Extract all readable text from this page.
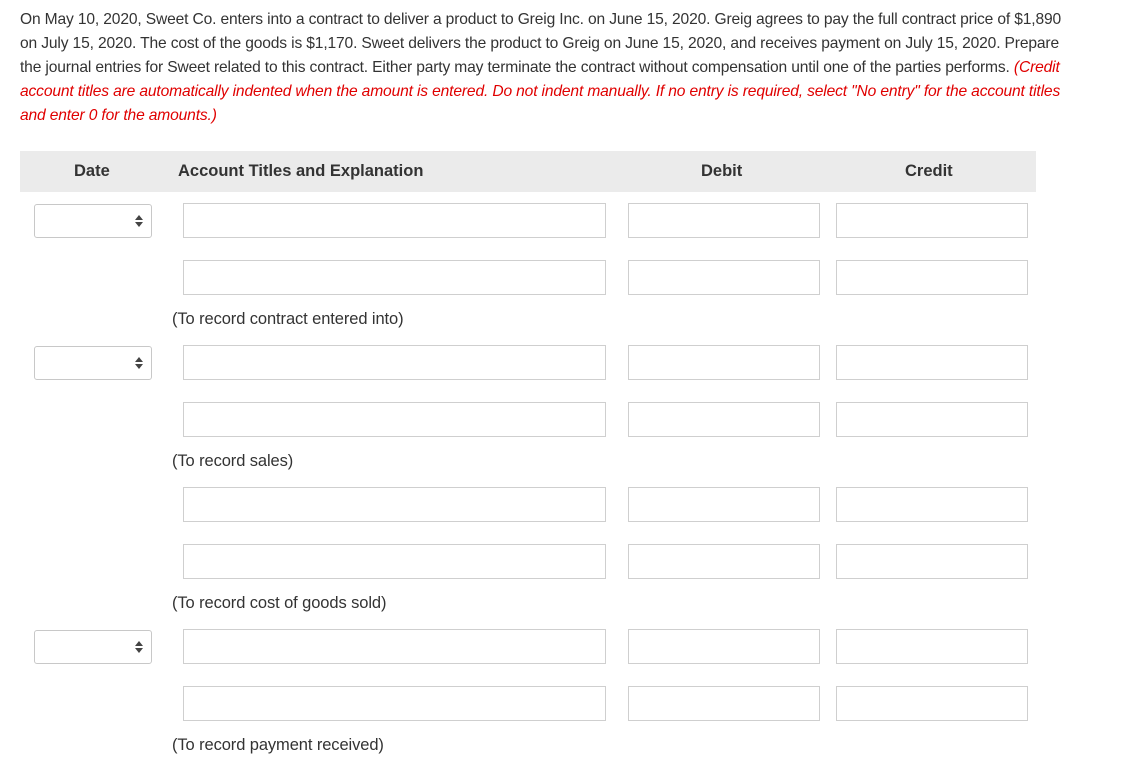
On May 10, 2020, Sweet Co. enters into a contract to deliver a product to Greig Inc. on June 15, 2020. Greig agrees to pay the full contract price of $1,890 on July 15, 2020. The cost of the goods is $1,170. Sweet delivers the product to Greig on June 15, 2020, and receives payment on July 15, 2020. Prepare the journal entries for Sweet related to this contract. Either party may terminate the contract without compensation until one of the parties performs. (Credit account titles are automatically indented when the amount is entered. Do not indent manually. If no entry is required, select "No entry" for the account titles and enter 0 for the amounts.)
Date	Account Titles and Explanation	Debit	Credit
(To record contract entered into)
(To record sales)
(To record cost of goods sold)
(To record payment received)
